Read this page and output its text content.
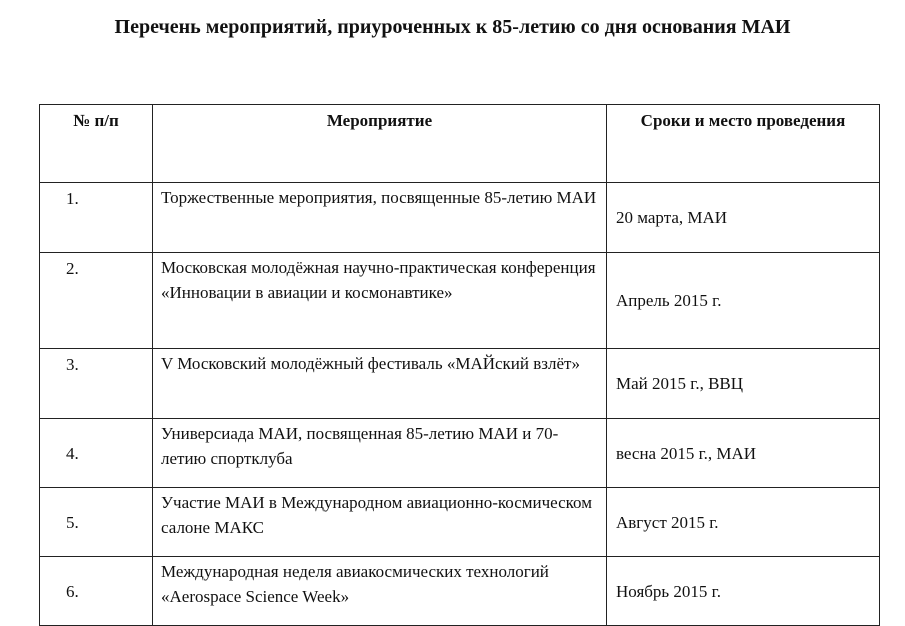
Перечень мероприятий, приуроченных к 85-летию со дня основания МАИ
№ п/п	Мероприятие	Сроки и место проведения
1.	Торжественные мероприятия, посвященные 85-летию МАИ	20 марта, МАИ
2.	Московская молодёжная научно-практическая конференция «Инновации в авиации и космонавтике»	Апрель 2015 г.
3.	V Московский молодёжный фестиваль «МАЙский взлёт»	Май 2015 г., ВВЦ
4.	Универсиада МАИ, посвященная 85-летию МАИ и 70-летию спортклуба	весна 2015 г., МАИ
5.	Участие МАИ в Международном авиационно-космическом салоне МАКС	Август 2015 г.
6.	Международная неделя авиакосмических технологий «Aerospace Science Week»	Ноябрь 2015 г.
